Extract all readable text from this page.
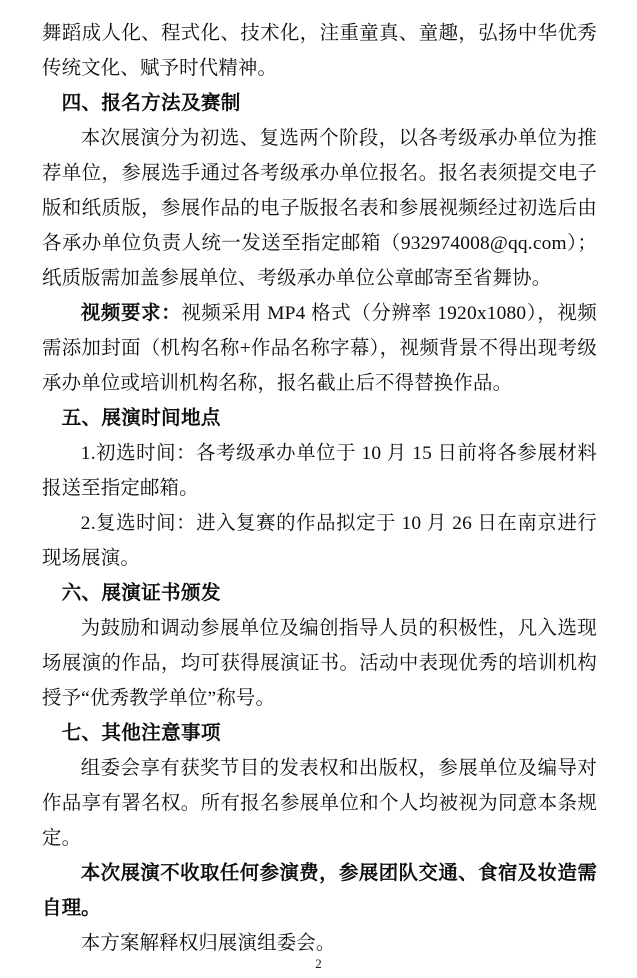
舞蹈成人化、程式化、技术化，注重童真、童趣，弘扬中华优秀传统文化、赋予时代精神。

四、报名方法及赛制

本次展演分为初选、复选两个阶段，以各考级承办单位为推荐单位，参展选手通过各考级承办单位报名。报名表须提交电子版和纸质版，参展作品的电子版报名表和参展视频经过初选后由各承办单位负责人统一发送至指定邮箱（932974008@qq.com）；纸质版需加盖参展单位、考级承办单位公章邮寄至省舞协。

视频要求：视频采用 MP4 格式（分辨率 1920x1080），视频需添加封面（机构名称+作品名称字幕），视频背景不得出现考级承办单位或培训机构名称，报名截止后不得替换作品。

五、展演时间地点

1.初选时间：各考级承办单位于 10 月 15 日前将各参展材料报送至指定邮箱。

2.复选时间：进入复赛的作品拟定于 10 月 26 日在南京进行现场展演。

六、展演证书颁发

为鼓励和调动参展单位及编创指导人员的积极性，凡入选现场展演的作品，均可获得展演证书。活动中表现优秀的培训机构授予“优秀教学单位”称号。

七、其他注意事项

组委会享有获奖节目的发表权和出版权，参展单位及编导对作品享有署名权。所有报名参展单位和个人均被视为同意本条规定。

本次展演不收取任何参演费，参展团队交通、食宿及妆造需自理。

本方案解释权归展演组委会。

2
